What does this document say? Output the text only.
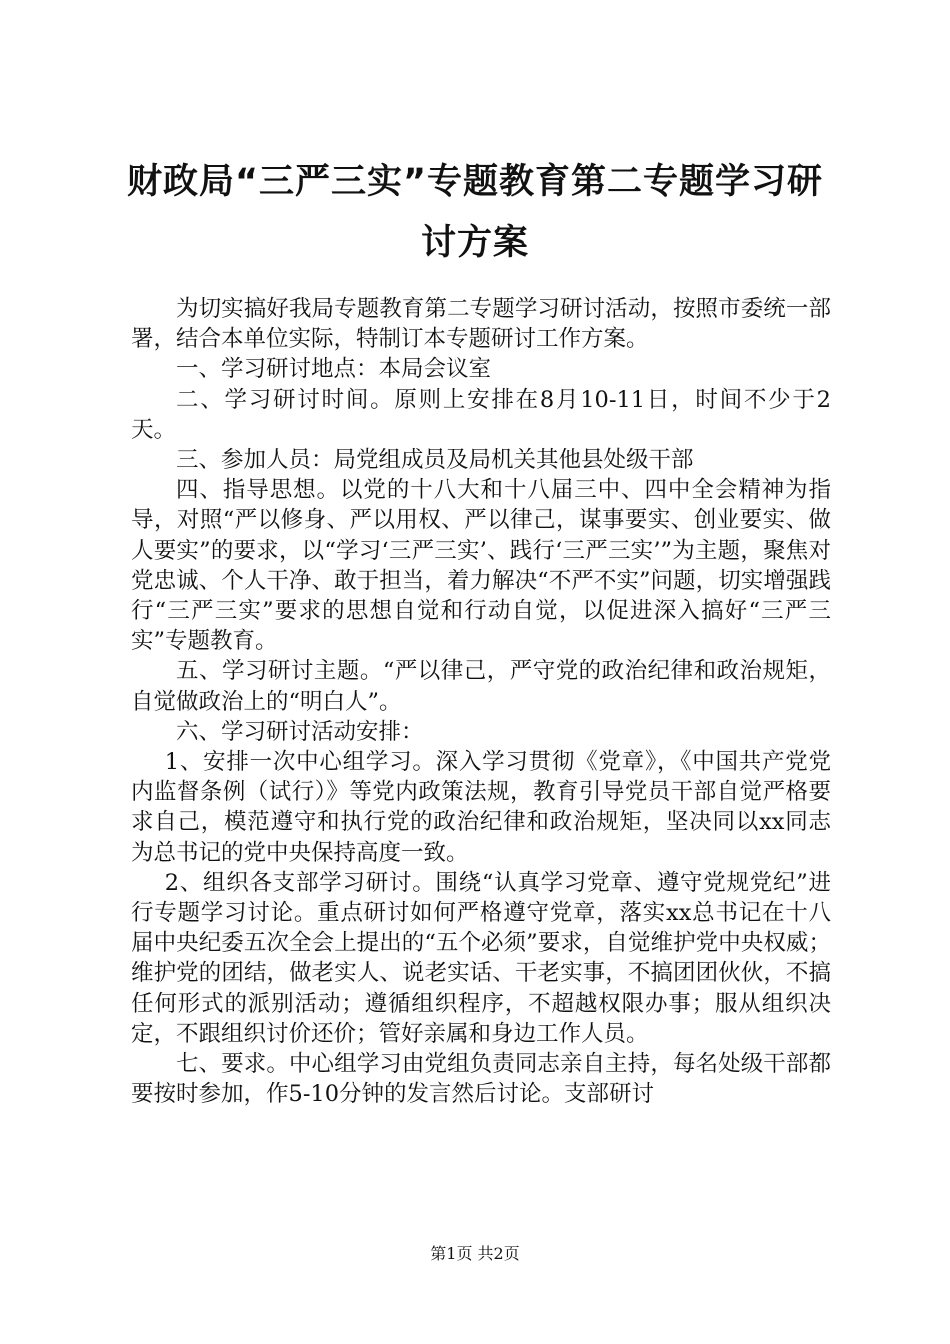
财政局“三严三实”专题教育第二专题学习研
讨方案

为切实搞好我局专题教育第二专题学习研讨活动，按照市委统一部署，结合本单位实际，特制订本专题研讨工作方案。

一、学习研讨地点：本局会议室

二、学习研讨时间。原则上安排在8月10-11日，时间不少于2天。

三、参加人员：局党组成员及局机关其他县处级干部

四、指导思想。以党的十八大和十八届三中、四中全会精神为指导，对照“严以修身、严以用权、严以律己，谋事要实、创业要实、做人要实”的要求，以“学习‘三严三实’、践行‘三严三实’”为主题，聚焦对党忠诚、个人干净、敢于担当，着力解决“不严不实”问题，切实增强践行“三严三实”要求的思想自觉和行动自觉，以促进深入搞好“三严三实”专题教育。

五、学习研讨主题。“严以律己，严守党的政治纪律和政治规矩，自觉做政治上的“明白人”。

六、学习研讨活动安排：

1、安排一次中心组学习。深入学习贯彻《党章》，《中国共产党党内监督条例（试行）》等党内政策法规，教育引导党员干部自觉严格要求自己，模范遵守和执行党的政治纪律和政治规矩，坚决同以xx同志为总书记的党中央保持高度一致。

2、组织各支部学习研讨。围绕“认真学习党章、遵守党规党纪”进行专题学习讨论。重点研讨如何严格遵守党章，落实xx总书记在十八届中央纪委五次全会上提出的“五个必须”要求，自觉维护党中央权威；维护党的团结，做老实人、说老实话、干老实事，不搞团团伙伙，不搞任何形式的派别活动；遵循组织程序，不超越权限办事；服从组织决定，不跟组织讨价还价；管好亲属和身边工作人员。

七、要求。中心组学习由党组负责同志亲自主持，每名处级干部都要按时参加，作5-10分钟的发言然后讨论。支部研讨

第1页 共2页
